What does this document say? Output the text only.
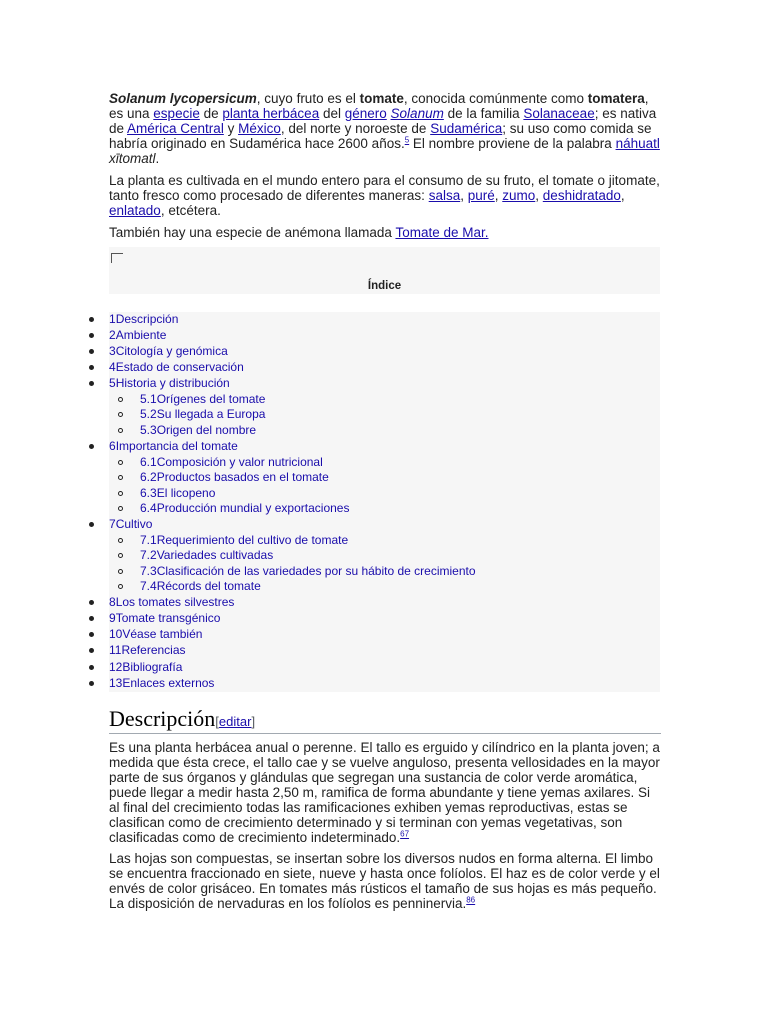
Solanum lycopersicum, cuyo fruto es el tomate, conocida comúnmente como tomatera, es una especie de planta herbácea del género Solanum de la familia Solanaceae; es nativa de América Central y México, del norte y noroeste de Sudamérica; su uso como comida se habría originado en Sudamérica hace 2600 años.$^5$ El nombre proviene de la palabra náhuatl xītomatl.

La planta es cultivada en el mundo entero para el consumo de su fruto, el tomate o jitomate, tanto fresco como procesado de diferentes maneras: salsa, puré, zumo, deshidratado, enlatado, etcétera.

También hay una especie de anémona llamada Tomate de Mar.

Índice
1Descripción
2Ambiente
3Citología y genómica
4Estado de conservación
5Historia y distribución
5.1Orígenes del tomate
5.2Su llegada a Europa
5.3Origen del nombre
6Importancia del tomate
6.1Composición y valor nutricional
6.2Productos basados en el tomate
6.3El licopeno
6.4Producción mundial y exportaciones
7Cultivo
7.1Requerimiento del cultivo de tomate
7.2Variedades cultivadas
7.3Clasificación de las variedades por su hábito de crecimiento
7.4Récords del tomate
8Los tomates silvestres
9Tomate transgénico
10Véase también
11Referencias
12Bibliografía
13Enlaces externos
Descripción[editar]

Es una planta herbácea anual o perenne. El tallo es erguido y cilíndrico en la planta joven; a medida que ésta crece, el tallo cae y se vuelve anguloso, presenta vellosidades en la mayor parte de sus órganos y glándulas que segregan una sustancia de color verde aromática, puede llegar a medir hasta 2,50 m, ramifica de forma abundante y tiene yemas axilares. Si al final del crecimiento todas las ramificaciones exhiben yemas reproductivas, estas se clasifican como de crecimiento determinado y si terminan con yemas vegetativas, son clasificadas como de crecimiento indeterminado.$^{67}$

Las hojas son compuestas, se insertan sobre los diversos nudos en forma alterna. El limbo se encuentra fraccionado en siete, nueve y hasta once folíolos. El haz es de color verde y el envés de color grisáceo. En tomates más rústicos el tamaño de sus hojas es más pequeño. La disposición de nervaduras en los folíolos es penninervia.$^{86}$
